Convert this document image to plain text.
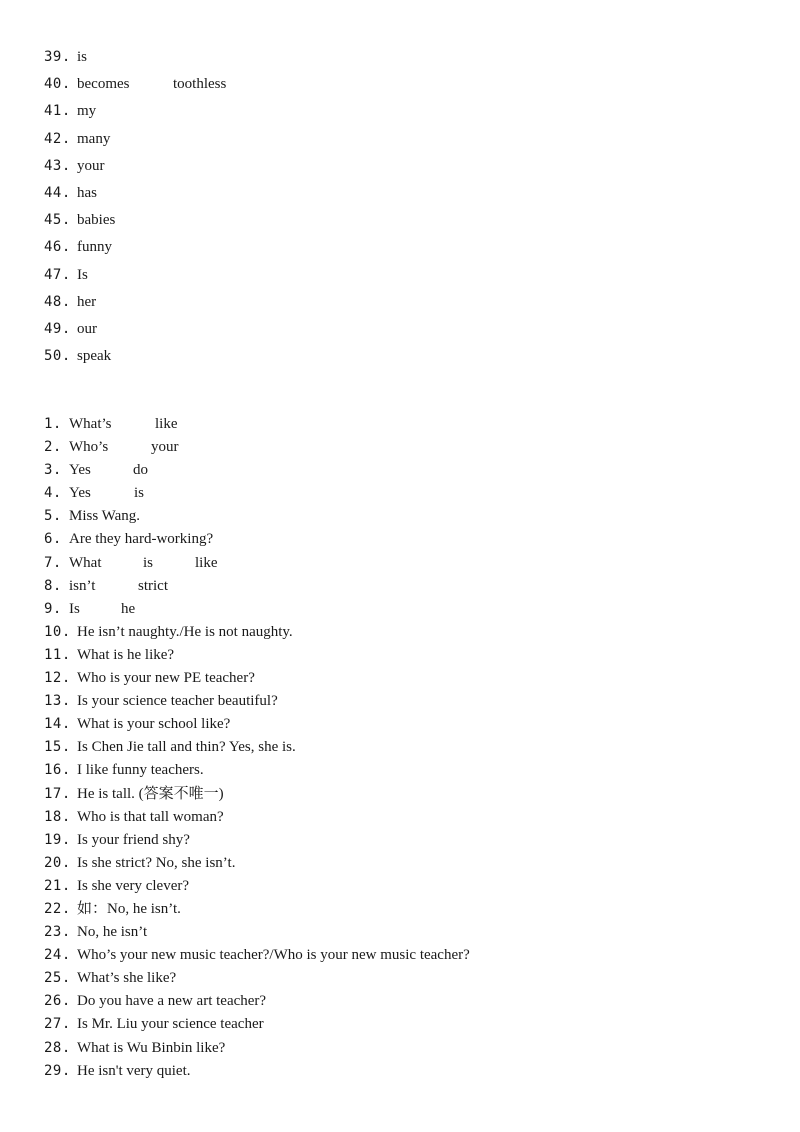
39. is
40. becomes	toothless
41. my
42. many
43. your
44. has
45. babies
46. funny
47. Is
48. her
49. our
50. speak
1. What’s	like
2. Who’s	your
3. Yes	do
4. Yes	is
5. Miss Wang.
6. Are they hard-working?
7. What	is	like
8. isn’t	strict
9. Is	he
10. He isn’t naughty./He is not naughty.
11. What is he like?
12. Who is your new PE teacher?
13. Is your science teacher beautiful?
14. What is your school like?
15. Is Chen Jie tall and thin? Yes, she is.
16. I like funny teachers.
17. He is tall. (答案不唯一)
18. Who is that tall woman?
19. Is your friend shy?
20. Is she strict? No, she isn’t.
21. Is she very clever?
22. 如：No, he isn’t.
23. No, he isn’t
24. Who’s your new music teacher?/Who is your new music teacher?
25. What’s she like?
26. Do you have a new art teacher?
27. Is Mr. Liu your science teacher
28. What is Wu Binbin like?
29. He isn't very quiet.
